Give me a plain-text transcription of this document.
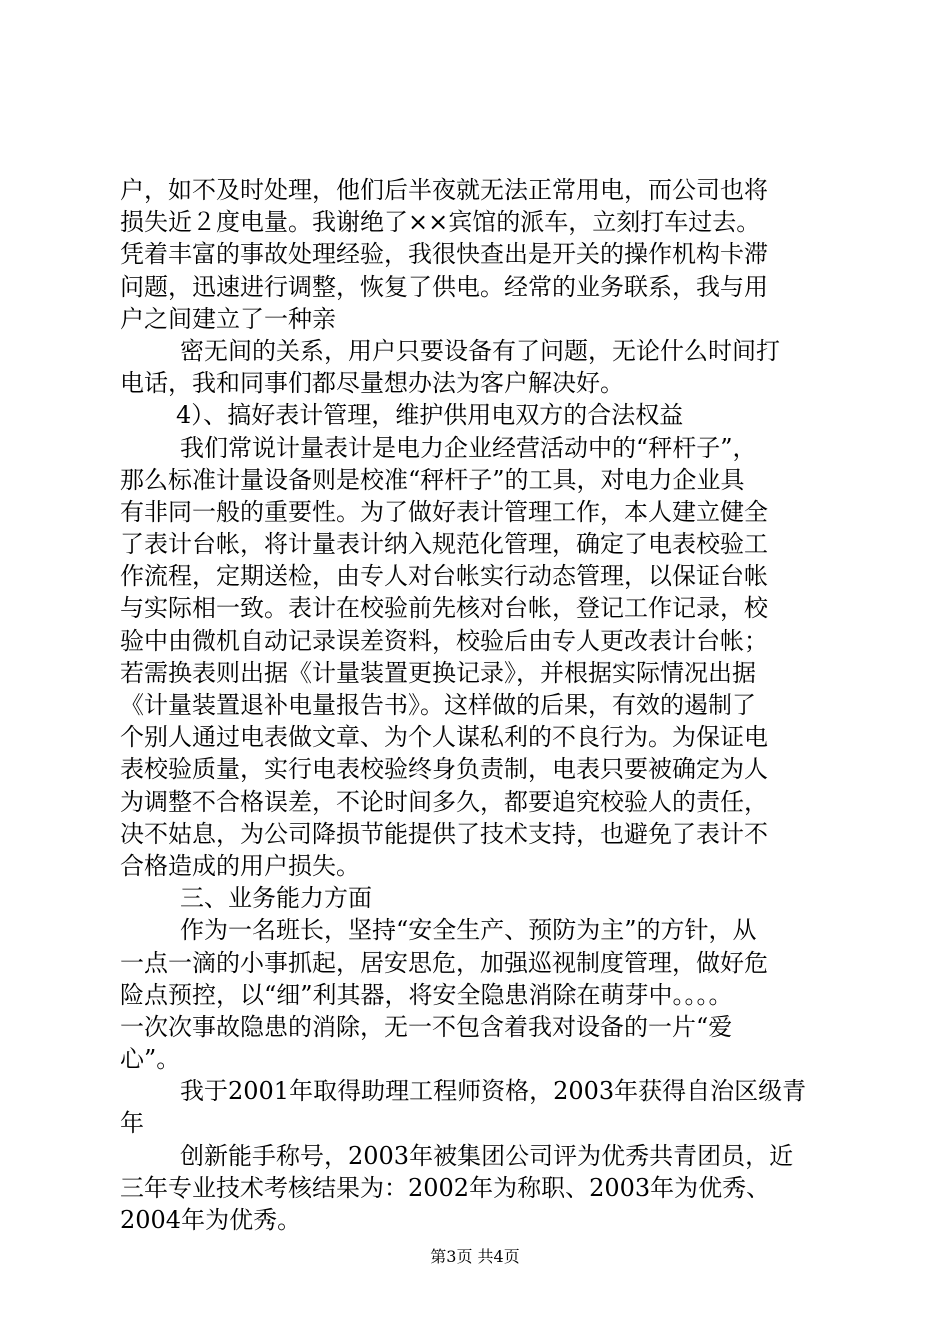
户，如不及时处理，他们后半夜就无法正常用电，而公司也将
损失近２度电量。我谢绝了××宾馆的派车，立刻打车过去。
凭着丰富的事故处理经验，我很快查出是开关的操作机构卡滞
问题，迅速进行调整，恢复了供电。经常的业务联系，我与用
户之间建立了一种亲
密无间的关系，用户只要设备有了问题，无论什么时间打
电话，我和同事们都尽量想办法为客户解决好。
4）、搞好表计管理，维护供用电双方的合法权益
我们常说计量表计是电力企业经营活动中的“秤杆子”，
那么标准计量设备则是校准“秤杆子”的工具，对电力企业具
有非同一般的重要性。为了做好表计管理工作，本人建立健全
了表计台帐，将计量表计纳入规范化管理，确定了电表校验工
作流程，定期送检，由专人对台帐实行动态管理，以保证台帐
与实际相一致。表计在校验前先核对台帐，登记工作记录，校
验中由微机自动记录误差资料，校验后由专人更改表计台帐；
若需换表则出据《计量装置更换记录》，并根据实际情况出据
《计量装置退补电量报告书》。这样做的后果，有效的遏制了
个别人通过电表做文章、为个人谋私利的不良行为。为保证电
表校验质量，实行电表校验终身负责制，电表只要被确定为人
为调整不合格误差，不论时间多久，都要追究校验人的责任，
决不姑息，为公司降损节能提供了技术支持，也避免了表计不
合格造成的用户损失。
三、业务能力方面
作为一名班长，坚持“安全生产、预防为主”的方针，从
一点一滴的小事抓起，居安思危，加强巡视制度管理，做好危
险点预控，以“细”利其器，将安全隐患消除在萌芽中。。。。
一次次事故隐患的消除，无一不包含着我对设备的一片“爱
心”。
我于2001年取得助理工程师资格，2003年获得自治区级青
年
创新能手称号，2003年被集团公司评为优秀共青团员，近
三年专业技术考核结果为：2002年为称职、2003年为优秀、
2004年为优秀。
第3页 共4页
